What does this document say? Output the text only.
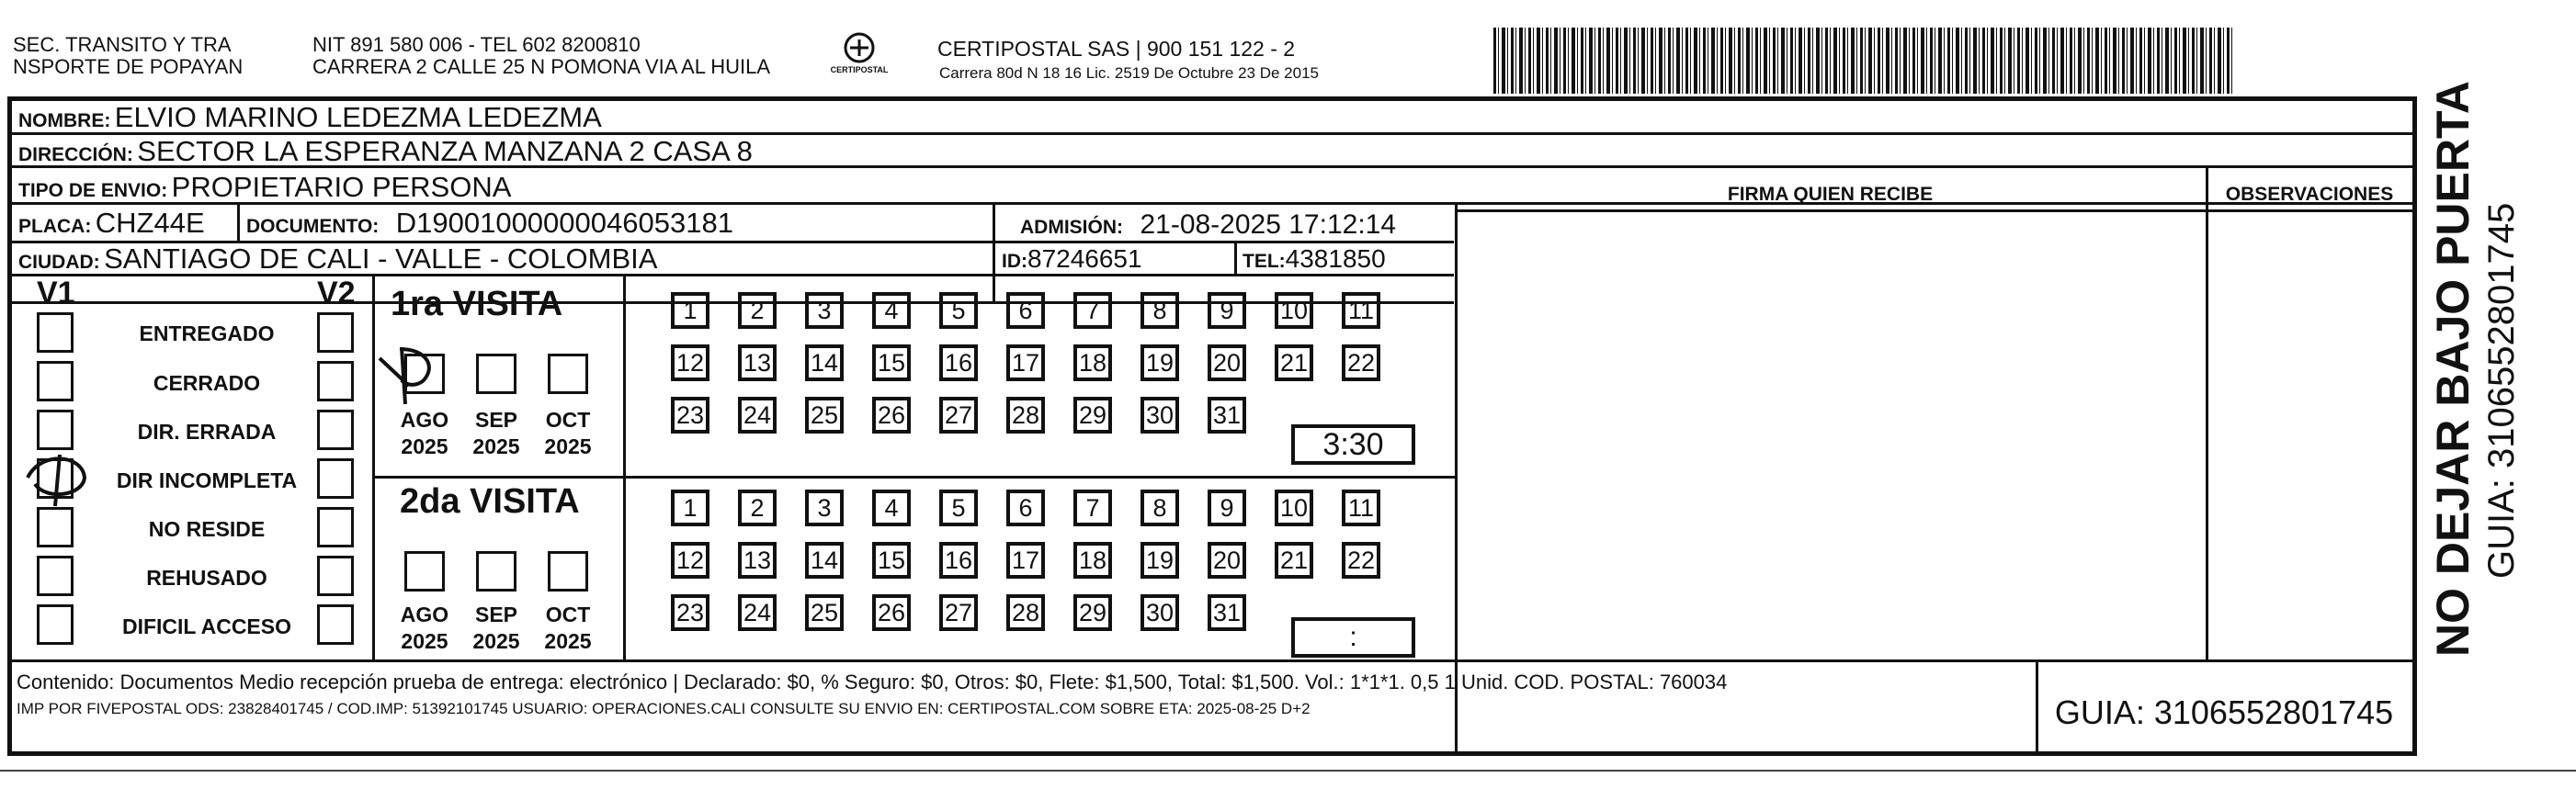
SEC. TRANSITO Y TRA
NSPORTE DE POPAYAN
NIT 891 580 006 - TEL 602 8200810
CARRERA 2 CALLE 25 N POMONA VIA AL HUILA	CERTIPOSTAL
CERTIPOSTAL SAS | 900 151 122 - 2
Carrera 80d N 18 16 Lic. 2519 De Octubre 23 De 2015
NOMBRE: ELVIO MARINO LEDEZMA LEDEZMA
DIRECCIÓN: SECTOR LA ESPERANZA MANZANA 2 CASA 8
TIPO DE ENVIO: PROPIETARIO PERSONA
PLACA: CHZ44E DOCUMENTO: D19001000000046053181	ADMISIÓN: 21-08-2025 17:12:14
CIUDAD: SANTIAGO DE CALI - VALLE - COLOMBIA	ID:87246651	TEL:4381850
FIRMA QUIEN RECIBE	OBSERVACIONES
V1	V2
ENTREGADO
CERRADO
DIR. ERRADA
DIR INCOMPLETA
NO RESIDE
REHUSADO
DIFICIL ACCESO
1ra VISITA
AGO	SEP	OCT
2025 2025 2025
1	2	3	4	5	6	7	8	9	10 11
12 13 14 15 16 17 18 19 20 21 22
23 24 25 26 27 28 29 30 31
3:30
2da VISITA
AGO	SEP	OCT
2025 2025 2025
1	2	3	4	5	6	7	8	9	10 11
12 13 14 15 16 17 18 19 20 21 22
23 24 25 26 27 28 29 30 31
:
Contenido: Documentos Medio recepción prueba de entrega: electrónico | Declarado: $0, % Seguro: $0, Otros: $0, Flete: $1,500, Total: $1,500. Vol.: 1*1*1. 0,5 1 Unid. COD. POSTAL: 760034
IMP POR FIVEPOSTAL ODS: 23828401745 / COD.IMP: 51392101745 USUARIO: OPERACIONES.CALI CONSULTE SU ENVIO EN: CERTIPOSTAL.COM SOBRE ETA: 2025-08-25 D+2	GUIA: 3106552801745
NO DEJAR BAJO PUERTA GUIA: 3106552801745
